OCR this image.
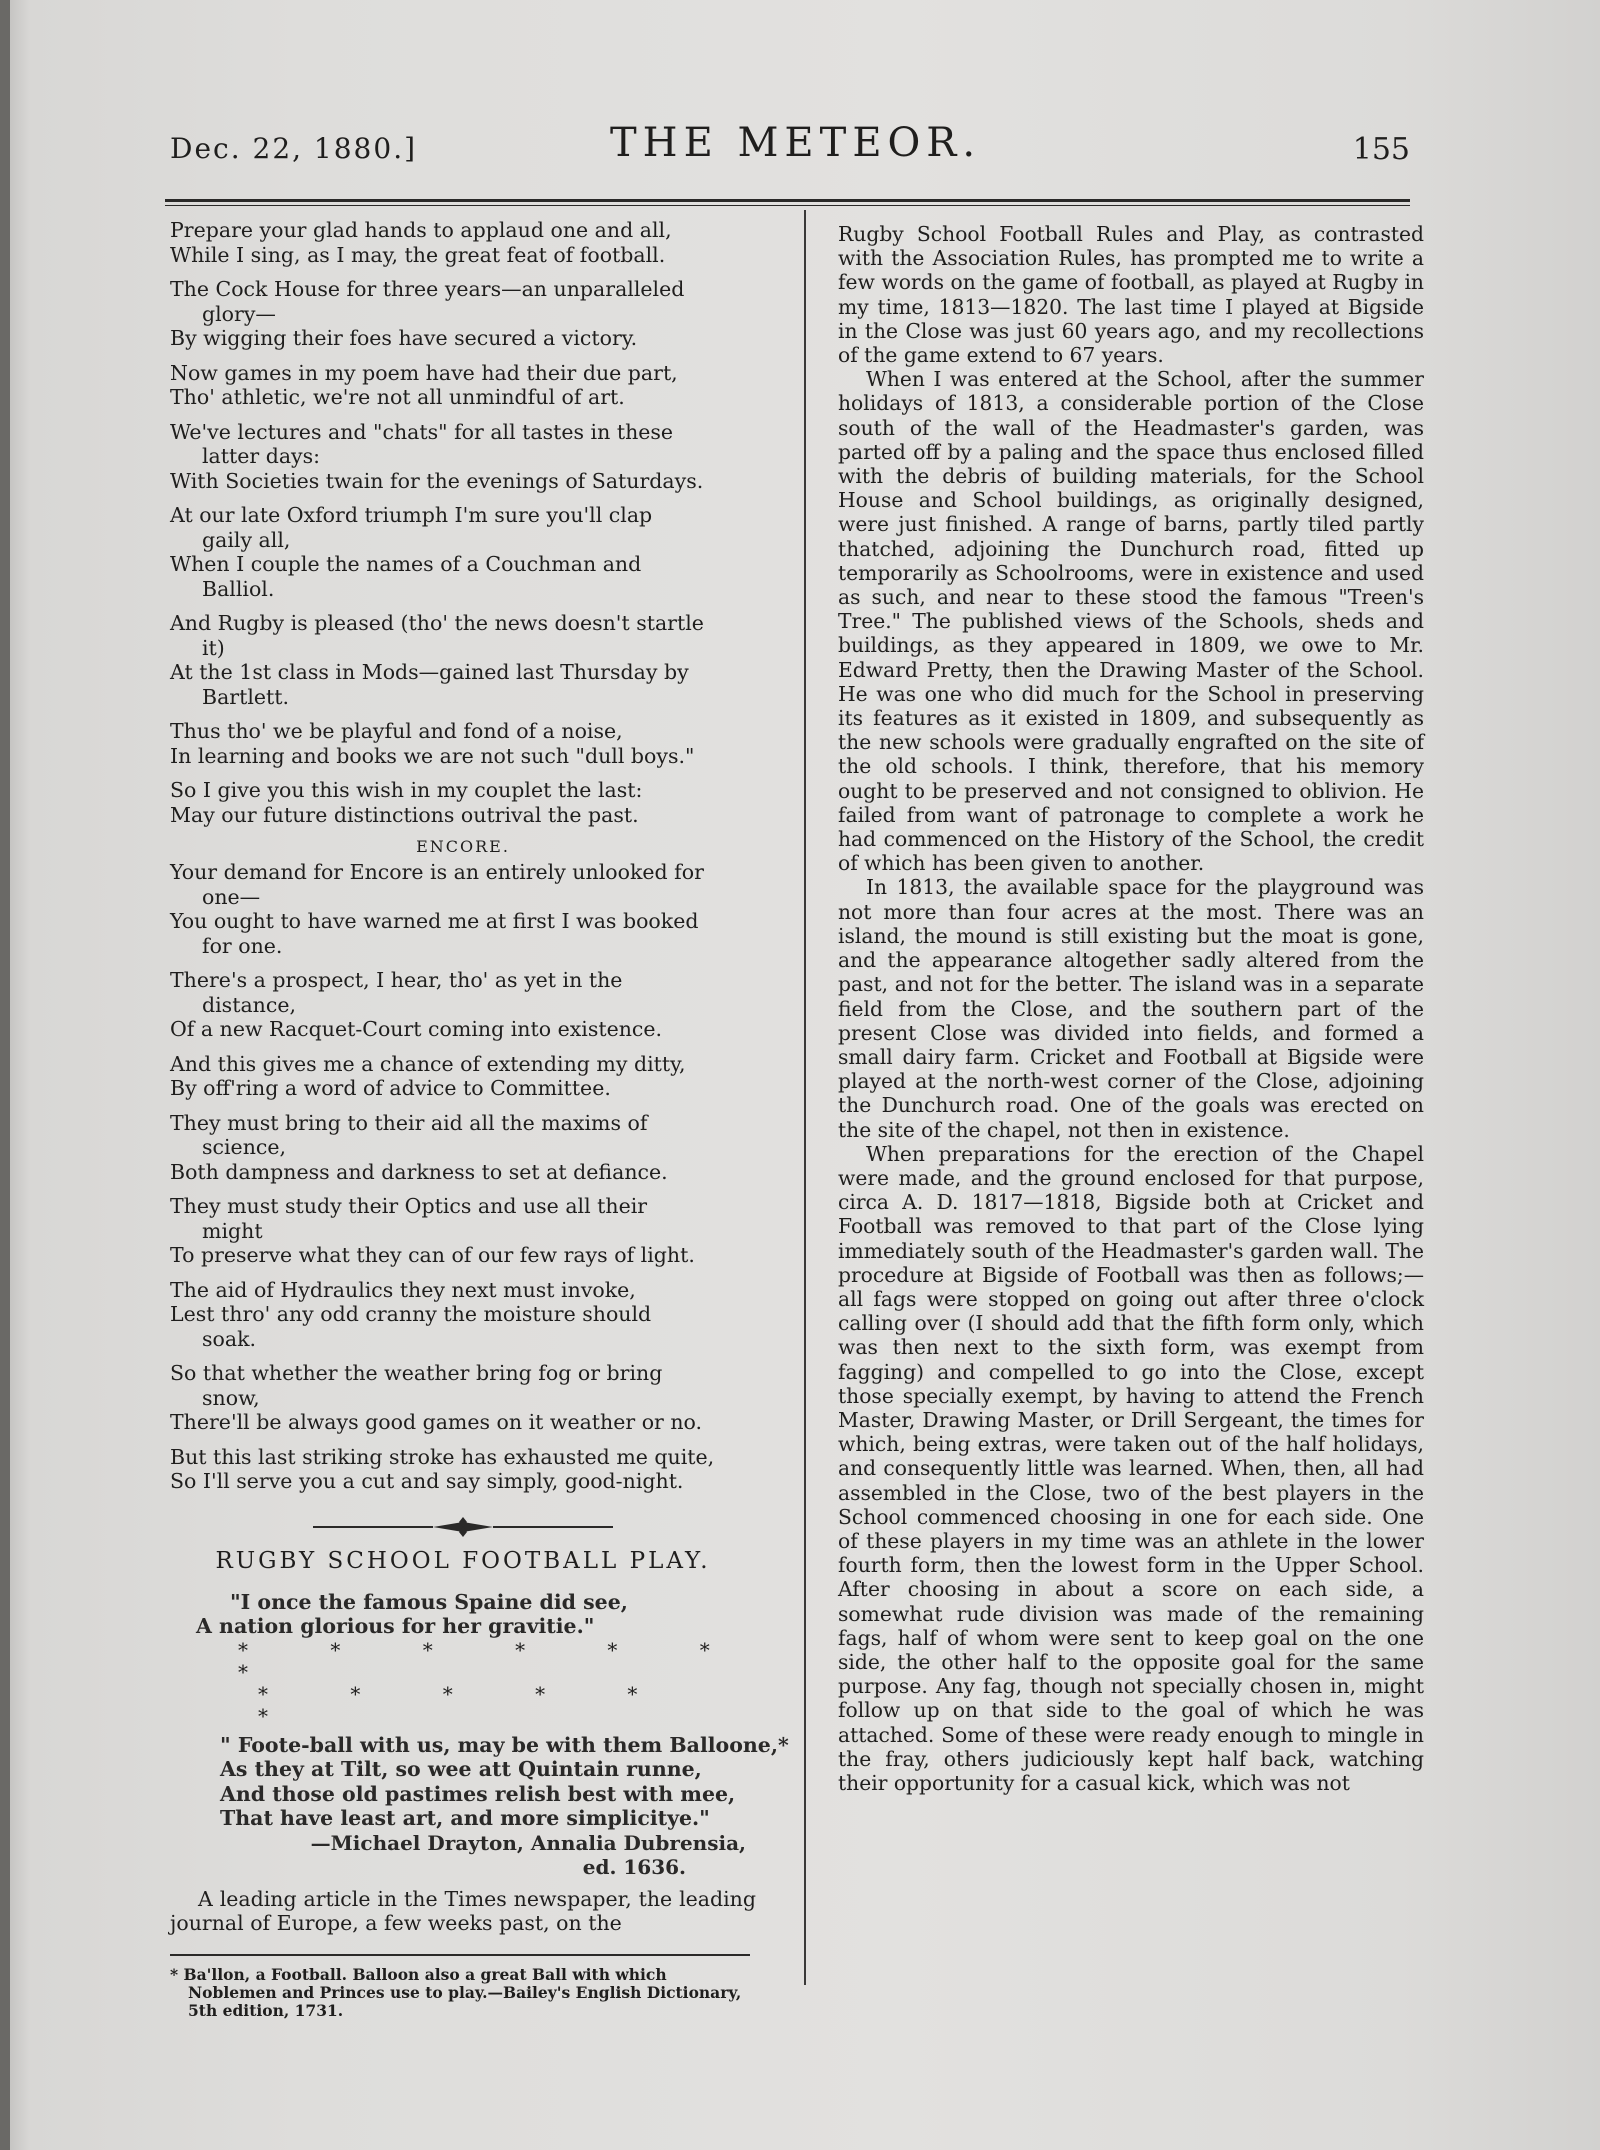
Dec. 22, 1880.]	THE METEOR.	155
Prepare your glad hands to applaud one and all,
While I sing, as I may, the great feat of football.
The Cock House for three years—an unparalleled
glory—
By wigging their foes have secured a victory.
Now games in my poem have had their due part,
Tho' athletic, we're not all unmindful of art.
We've lectures and "chats" for all tastes in these
latter days:
With Societies twain for the evenings of Saturdays.
At our late Oxford triumph I'm sure you'll clap
gaily all,
When I couple the names of a Couchman and
Balliol.
And Rugby is pleased (tho' the news doesn't startle
it)
At the 1st class in Mods—gained last Thursday by
Bartlett.
Thus tho' we be playful and fond of a noise,
In learning and books we are not such "dull boys."
So I give you this wish in my couplet the last:
May our future distinctions outrival the past.
ENCORE.
Your demand for Encore is an entirely unlooked for
one—
You ought to have warned me at first I was booked
for one.
There's a prospect, I hear, tho' as yet in the
distance,
Of a new Racquet-Court coming into existence.
And this gives me a chance of extending my ditty,
By off'ring a word of advice to Committee.
They must bring to their aid all the maxims of
science,
Both dampness and darkness to set at defiance.
They must study their Optics and use all their
might
To preserve what they can of our few rays of light.
The aid of Hydraulics they next must invoke,
Lest thro' any odd cranny the moisture should
soak.
So that whether the weather bring fog or bring
snow,
There'll be always good games on it weather or no.
But this last striking stroke has exhausted me quite,
So I'll serve you a cut and say simply, good-night.
RUGBY SCHOOL FOOTBALL PLAY.
"I once the famous Spaine did see,
A nation glorious for her gravitie."
* * * * * * *
* * * * * *
" Foote-ball with us, may be with them Balloone,*
As they at Tilt, so wee att Quintain runne,
And those old pastimes relish best with mee,
That have least art, and more simplicitye."
—Michael Drayton, Annalia Dubrensia,
ed. 1636.

A leading article in the Times newspaper, the leading journal of Europe, a few weeks past, on the

* Ba'llon, a Football. Balloon also a great Ball with which Noblemen and Princes use to play.—Bailey's English Dictionary, 5th edition, 1731.

Rugby School Football Rules and Play, as contrasted with the Association Rules, has prompted me to write a few words on the game of football, as played at Rugby in my time, 1813—1820. The last time I played at Bigside in the Close was just 60 years ago, and my recollections of the game extend to 67 years.

When I was entered at the School, after the summer holidays of 1813, a considerable portion of the Close south of the wall of the Headmaster's garden, was parted off by a paling and the space thus enclosed filled with the debris of building materials, for the School House and School buildings, as originally designed, were just finished. A range of barns, partly tiled partly thatched, adjoining the Dunchurch road, fitted up temporarily as Schoolrooms, were in existence and used as such, and near to these stood the famous "Treen's Tree." The published views of the Schools, sheds and buildings, as they appeared in 1809, we owe to Mr. Edward Pretty, then the Drawing Master of the School. He was one who did much for the School in preserving its features as it existed in 1809, and subsequently as the new schools were gradually engrafted on the site of the old schools. I think, therefore, that his memory ought to be preserved and not consigned to oblivion. He failed from want of patronage to complete a work he had commenced on the History of the School, the credit of which has been given to another.

In 1813, the available space for the playground was not more than four acres at the most. There was an island, the mound is still existing but the moat is gone, and the appearance altogether sadly altered from the past, and not for the better. The island was in a separate field from the Close, and the southern part of the present Close was divided into fields, and formed a small dairy farm. Cricket and Football at Bigside were played at the north-west corner of the Close, adjoining the Dunchurch road. One of the goals was erected on the site of the chapel, not then in existence.

When preparations for the erection of the Chapel were made, and the ground enclosed for that purpose, circa A. D. 1817—1818, Bigside both at Cricket and Football was removed to that part of the Close lying immediately south of the Headmaster's garden wall. The procedure at Bigside of Football was then as follows;—all fags were stopped on going out after three o'clock calling over (I should add that the fifth form only, which was then next to the sixth form, was exempt from fagging) and compelled to go into the Close, except those specially exempt, by having to attend the French Master, Drawing Master, or Drill Sergeant, the times for which, being extras, were taken out of the half holidays, and consequently little was learned. When, then, all had assembled in the Close, two of the best players in the School commenced choosing in one for each side. One of these players in my time was an athlete in the lower fourth form, then the lowest form in the Upper School. After choosing in about a score on each side, a somewhat rude division was made of the remaining fags, half of whom were sent to keep goal on the one side, the other half to the opposite goal for the same purpose. Any fag, though not specially chosen in, might follow up on that side to the goal of which he was attached. Some of these were ready enough to mingle in the fray, others judiciously kept half back, watching their opportunity for a casual kick, which was not
